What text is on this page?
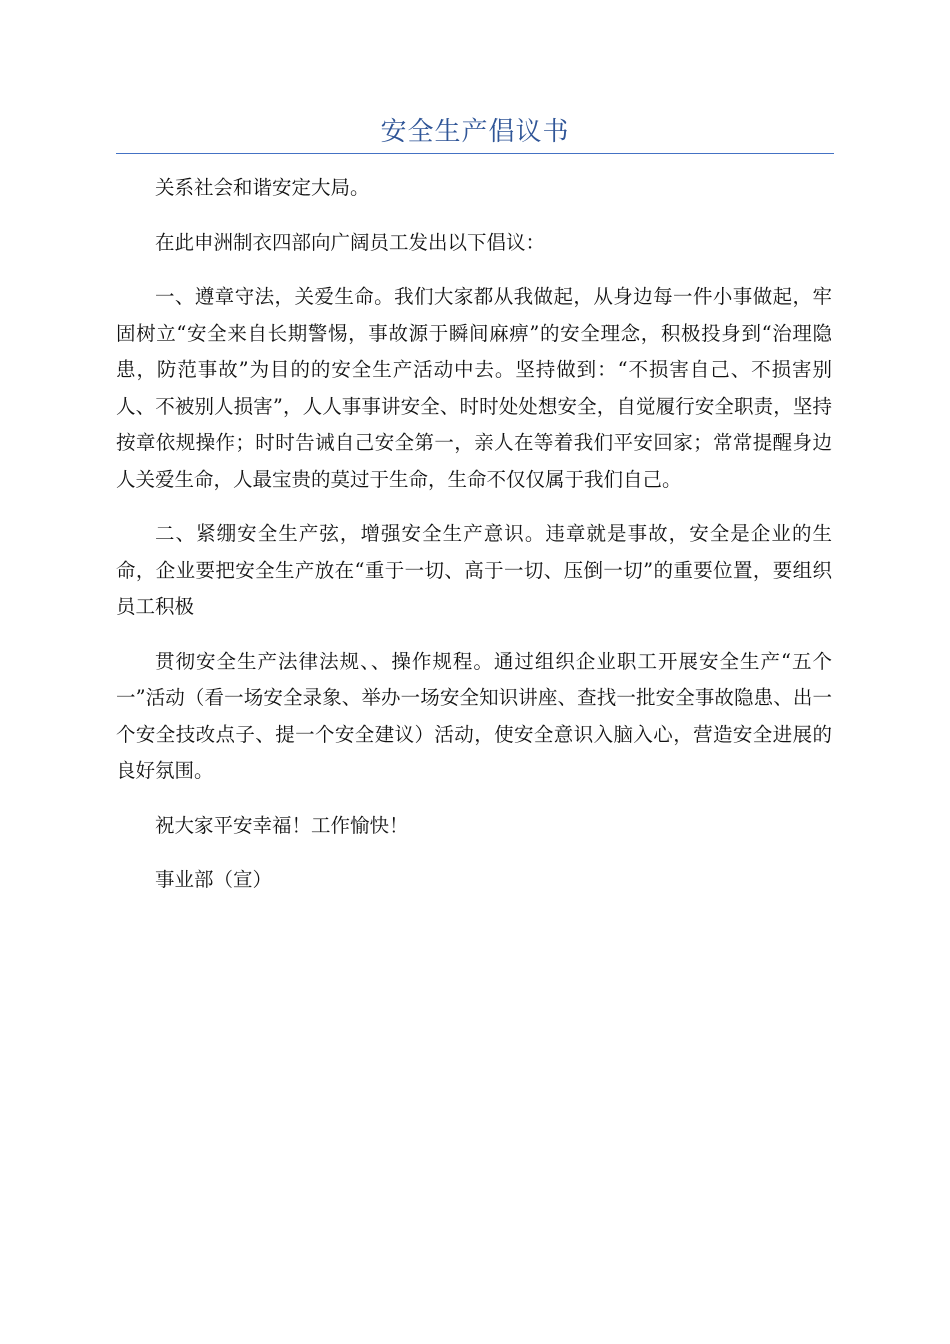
安全生产倡议书

关系社会和谐安定大局。

在此申洲制衣四部向广阔员工发出以下倡议：

一、遵章守法，关爱生命。我们大家都从我做起，从身边每一件小事做起，牢固树立“安全来自长期警惕，事故源于瞬间麻痹”的安全理念，积极投身到“治理隐患，防范事故”为目的的安全生产活动中去。坚持做到：“不损害自己、不损害别人、不被别人损害”，人人事事讲安全、时时处处想安全，自觉履行安全职责，坚持按章依规操作；时时告诫自己安全第一，亲人在等着我们平安回家；常常提醒身边人关爱生命，人最宝贵的莫过于生命，生命不仅仅属于我们自己。

二、紧绷安全生产弦，增强安全生产意识。违章就是事故，安全是企业的生命，企业要把安全生产放在“重于一切、高于一切、压倒一切”的重要位置，要组织员工积极

贯彻安全生产法律法规、、操作规程。通过组织企业职工开展安全生产“五个一”活动（看一场安全录象、举办一场安全知识讲座、查找一批安全事故隐患、出一个安全技改点子、提一个安全建议）活动，使安全意识入脑入心，营造安全进展的良好氛围。

祝大家平安幸福！工作愉快！

事业部（宣）
